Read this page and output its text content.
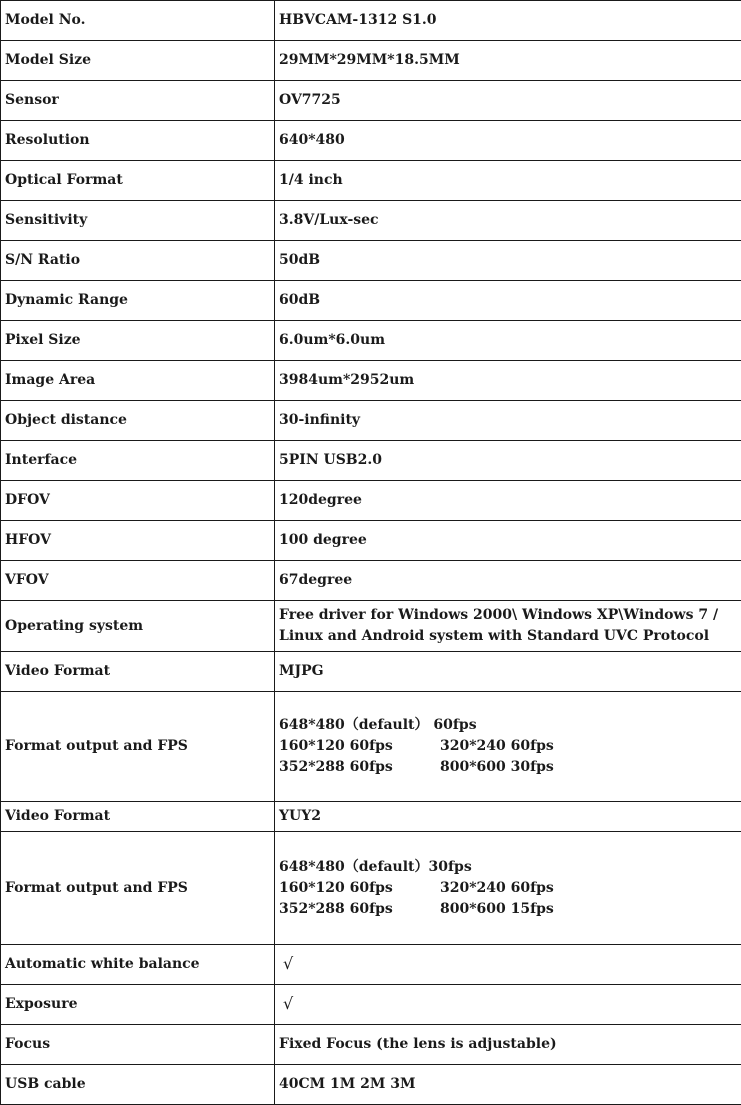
Model No.	HBVCAM-1312 S1.0
Model Size	29MM*29MM*18.5MM
Sensor	OV7725
Resolution	640*480
Optical Format	1/4 inch
Sensitivity	3.8V/Lux-sec
S/N Ratio	50dB
Dynamic Range	60dB
Pixel Size	6.0um*6.0um
Image Area	3984um*2952um
Object distance	30-infinity
Interface	5PIN USB2.0
DFOV	120degree
HFOV	100 degree
VFOV	67degree
Operating system	Free driver for Windows 2000\ Windows XP\Windows 7 /
Linux and Android system with Standard UVC Protocol

Video Format	MJPG
Format output and FPS	648*480（default） 60fps
160*120 60fps 320*240 60fps
352*288 60fps 800*600 30fps

Video Format	YUY2
Format output and FPS	648*480（default）30fps
160*120 60fps 320*240 60fps
352*288 60fps 800*600 15fps

Automatic white balance	√
Exposure	√
Focus	Fixed Focus (the lens is adjustable)
USB cable	40CM 1M 2M 3M
